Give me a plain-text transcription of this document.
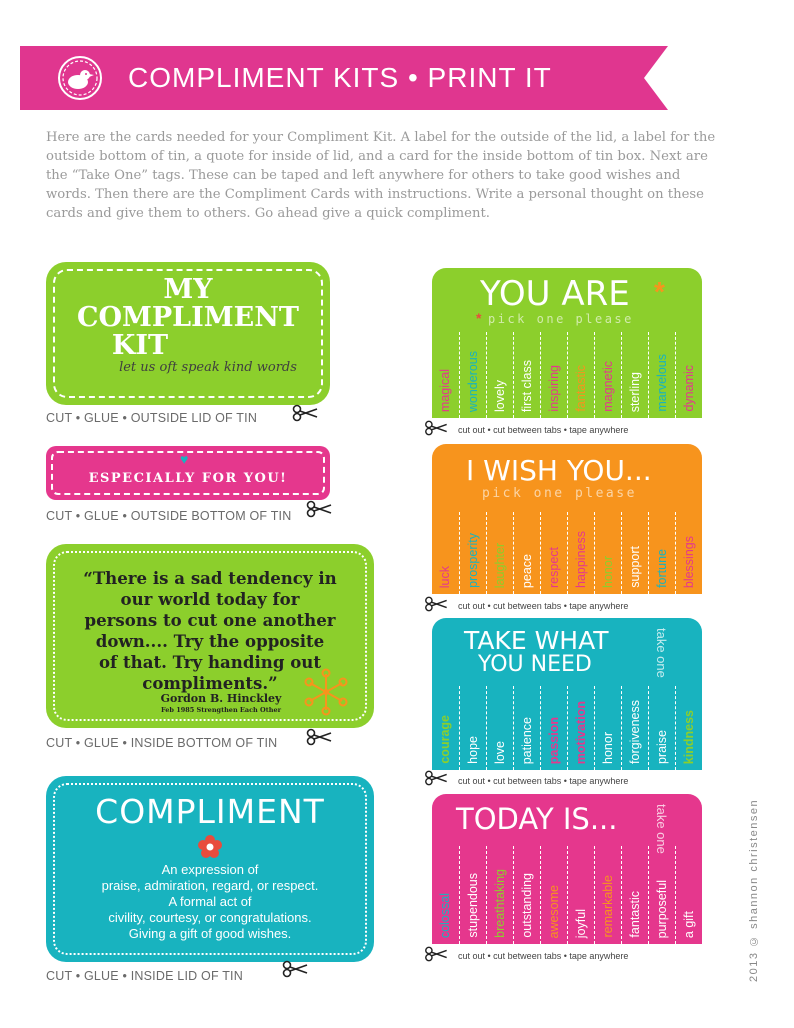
COMPLIMENT KITS • PRINT IT
Here are the cards needed for your Compliment Kit. A label for the outside of the lid, a label for the outside bottom of tin, a quote for inside of lid, and a card for the inside bottom of tin box. Next are the “Take One” tags. These can be taped and left anywhere for others to take good wishes and words. Then there are the Compliment Cards with instructions. Write a personal thought on these cards and give them to others. Go ahead give a quick compliment.
MY
COMPLIMENT
KIT
let us oft speak kind words
CUT • GLUE • OUTSIDE LID OF TIN
♥
ESPECIALLY FOR YOU!
CUT • GLUE • OUTSIDE BOTTOM OF TIN
“There is a sad tendency in
our world today for
persons to cut one another
down.... Try the opposite
of that. Try handing out
compliments.”
Gordon B. Hinckley
Feb 1985 Strengthen Each Other
CUT • GLUE • INSIDE BOTTOM OF TIN
COMPLIMENT
An expression of
praise, admiration, regard, or respect.
A formal act of
civility, courtesy, or congratulations.
Giving a gift of good wishes.
CUT • GLUE • INSIDE LID OF TIN
YOU ARE *
* pick one please
magical wonderous lovely first class inspiring fantastic magnetic sterling marvelous dynamic
cut out • cut between tabs • tape anywhere
I WISH YOU...
pick one please
luck prosperity laughter peace respect happiness honor support fortune blessings
cut out • cut between tabs • tape anywhere
TAKE WHAT
YOU NEED	take one
courage hope love patience passion motivation honor forgiveness praise kindness
cut out • cut between tabs • tape anywhere
TODAY IS...	take one
colossal stupendous breathtaking outstanding awesome joyful remarkable fantastic purposeful a gift
cut out • cut between tabs • tape anywhere	2013 © shannon christensen
